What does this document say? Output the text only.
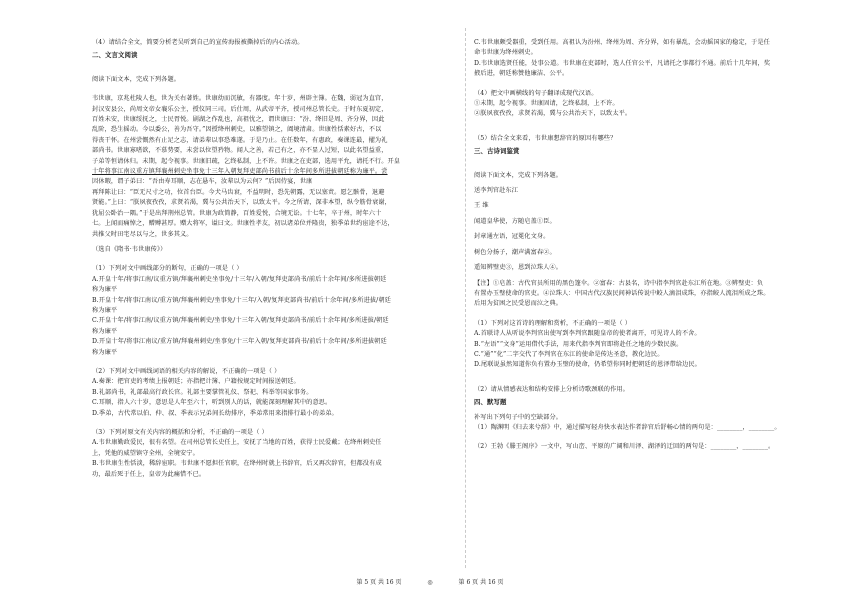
（4）请结合全文，简要分析老吴听到自己的宣传海报被撕掉后的内心活动。

二、文言文阅读

阅读下面文本，完成下列各题。

韦世康，京兆杜陵人也，世为关右著姓。世康幼而沉敏，有器度。年十岁，州辟主簿。在魏，弱冠为直宫，

封汉安县公，尚周文帝女襄乐公主，授仪同三司。后仕周，从武帝平齐，授司州总管长史。于时东夏初定，

百姓未安，世康绥抚之，士民胥悦。剧湖之作乱也，高祖忧之，谓世康曰：“汾、绛旧是周、齐分界，因此

乱阶，恐生摇动。今以委公，善为吾守。”因授绛州刺史，以雅望镇之，阖境清肃。世康性恬素好古，不以

得丧干怀。在州尝慨然有止足之志，请弟辈以事恐难遂。于是乃止。在任数年，有惠政，奏课连最，擢为礼

部尚书。世康寡嗜欲，不慕势要，未尝以位望矜物。闻人之善，若己有之，亦不显人过短，以此名望益重，

子弟等恒请休归。未期，起令视事。世康旧疏，乞终私制，上不许。世康之在吏部，选用平允，请托不行。开皇

十年将事江南议重方镇拜襄州刺史坐事免十三年入朝复拜吏部尚书前后十余年间多所进拔朝廷称为廉平。尝

因休暇，谓子弟曰：“吾由寿耳顺，志在悬车，汝辈以为云何？”后因侍宴，世康

再拜陈让曰：“臣无尺寸之功，位首台臣。今犬马齿衰，不益明时，恐先朝露，无以塞责。愿乞骸骨，退避

贤能。”上曰：“朕夙夜孜孜，求贤若渴，冀与公共治天下，以致太平。今之所请，深非本望，纵令筋骨衰谢，

犹屈公卧治一隅。”于是出拜荆州总管。世康为政简静，百姓爱悦，合境无讼。十七年，卒于州，时年六十

七。上闻而痛悼之，赠赙甚厚。赠大将军，谥曰文。世康性孝友，初以诸弟位并隆贵，独季弟世约宦途不达，

共推父时田宅尽以与之，世多其义。

（选自《隋书·韦世康传》）

（1）下列对文中画线部分的断句，正确的一项是（ ）

A.开皇十年/将事江南/议重方镇/拜襄州刺史坐事免/十三年/入朝/复拜吏部尚书/前后十余年间/多所进拔朝廷

称为廉平

B.开皇十年/将事江南议/重方镇/拜襄州刺史/坐事免/十三年/入朝/复拜吏部尚书/前后十余年间/多所进拔/朝廷

称为廉平

C.开皇十年/将事江南/议重方镇/拜襄州刺史/坐事免/十三年入朝/复拜吏部尚书/前后十余年间/多所进拔/朝廷

称为廉平

D.开皇十年/将事江南议/重方镇/拜襄州刺史/坐事免/十三年入朝/复拜吏部尚书/前后十余年间/多所进拔朝廷

称为廉平

（2）下列对文中画线词语的相关内容的解说，不正确的一项是（ ）

A.奏课：把官吏的考绩上报朝廷；亦指把计簿、户籍按规定时间报送朝廷。

B.礼部尚书，礼部最高行政长官。礼部主要掌管礼仪、祭祀、科举等国家事务。

C.耳顺，指人六十岁，意思是人年至六十，听到别人的话，就能深刻理解其中的意思。

D.季弟，古代常以伯、仲、叔、季表示兄弟间长幼排序，季弟常用来指排行最小的弟弟。

（3）下列对原文有关内容的概括和分析，不正确的一项是（ ）

A.韦世康勤政爱民，很有名望。在司州总管长史任上，安抚了当地的百姓，获得士民爱戴；在绛州刺史任

上，凭他的威望镇守全州，全境安宁。

B.韦世康生性恬淡，稀辞宦职。韦世康不愿担任官职，在绛州时就上书辞官，后又再次辞官，但都没有成

功，最后死于任上，皇帝为此痛惜不已。

C.韦世康颇受器重，受到任用。高祖认为汾州、绛州为周、齐分界，如有暴乱，会动摇国家的稳定，于是任

命韦世康为绛州刺史。

D.韦世康选贤任能，处事公道。韦世康在吏部时，选人任官公平，凡请托之事都行不通。前后十几年间，奖

掖后进，朝廷称赞他廉洁、公平。

（4）把文中画横线的句子翻译成现代汉语。

①未期，起令视事。世康固请，乞终私制，上不许。

②朕夙夜孜孜，求贤若渴，冀与公共治天下，以致太平。

（5）结合全文来看，韦世康想辞官的原因有哪些？

三、古诗词鉴赏

阅读下面文本，完成下列各题。

送李判官赴东江

王 维

闻道皇华使，方随皂盖①臣。

封章通左语，冠冕化文身。

树色分扬子，潮声满富春②。

遥知辨璧吏③，恩到泣珠人④。

【注】①皂盖：古代官员所用的黑色篷伞。②富春：古县名，诗中指李判官赴东江所在地。③辨璧吏：负

有置办玉璧使命的官吏。④泣珠人：中国古代汉族民间神话传说中鲛人滴泪成珠，亦指鲛人流泪所成之珠。

后用为贫困之民受恩而泣之典。

（1）下列对这首诗的理解和赏析，不正确的一项是（ ）

A.首联诗人从听说李判官出使写到李判官跟随皇帝的使者离开，可见诗人的不舍。

B.“左语”“文身”运用借代手法，用来代指李判官即将赴任之地的少数民族。

C.“通”“化”二字交代了李判官在东江的使命是传达圣意，教化边民。

D.尾联说虽然知道你负有置办玉璧的使命，仍希望你同时把朝廷的恩泽带给边民。

（2）请从情感表达和结构安排上分析诗歌颈联的作用。

四、默写题

补写出下列句子中的空缺部分。

（1）陶渊明《归去来兮辞》中，通过描写轻舟快水表达作者辞官后舒畅心情的两句是：________，________。

（2）王勃《滕王阁序》一文中，写山峦、平原的广阔和川泽、湖泽的迂回的两句是：________，________。

第 5 页 共 16 页	◎	第 6 页 共 16 页
